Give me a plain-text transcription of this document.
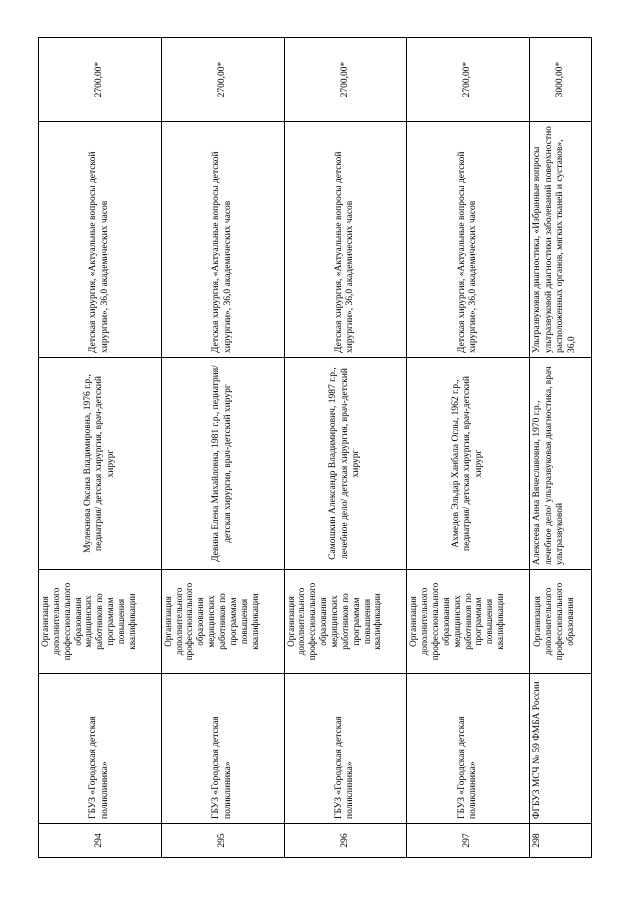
294	ГБУЗ «Городская детская поликлиника»	Организация дополнительного профессионального образования медицинских работников по программам повышения квалификации	Мулекнова Оксана Владимировна, 1976 г.р., педиатрия/ детская хирургия, врач-детский хирург	Детская хирургия, «Актуальные вопросы детской хирургии», 36,0 академических часов	2700,00*
295	ГБУЗ «Городская детская поликлиника»	Организация дополнительного профессионального образования медицинских работников по программам повышения квалификации	Девина Елена Михайловна, 1981 г.р., педиатрия/ детская хирургия, врач-детский хирург	Детская хирургия, «Актуальные вопросы детской хирургии», 36,0 академических часов	2700,00*
296	ГБУЗ «Городская детская поликлиника»	Организация дополнительного профессионального образования медицинских работников по программам повышения квалификации	Самошкин Александр Владимирович, 1987 г.р., лечебное дело/ детская хирургия, врач-детский хирург	Детская хирургия, «Актуальные вопросы детской хирургии», 36,0 академических часов	2700,00*
297	ГБУЗ «Городская детская поликлиника»	Организация дополнительного профессионального образования медицинских работников по программам повышения квалификации	Ахмедов Эльдар Ханбала Оглы, 1962 г.р., педиатрия/ детская хирургия, врач-детский хирург	Детская хирургия, «Актуальные вопросы детской хирургии», 36,0 академических часов	2700,00*
298	ФГБУЗ МСЧ № 59 ФМБА России	Организация дополнительного профессионального образования	Алексеева Анна Вячеславовна, 1970 г.р., лечебное дело/ ультразвуковая диагностика, врач ультразвуковой	Ультразвуковая диагностика, «Избранные вопросы ультразвуковой диагностики заболеваний поверхностно расположенных органов, мягких тканей и суставов», 36,0	3000,00*
